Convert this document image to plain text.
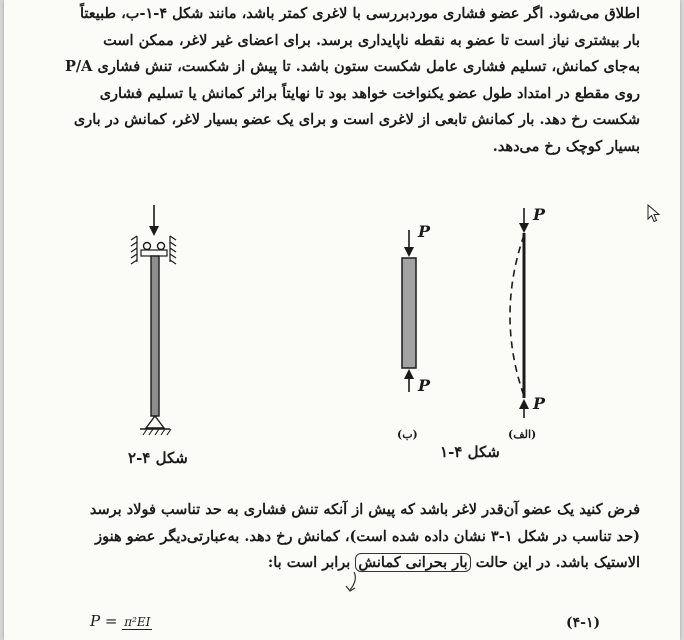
اطلاق می‌شود. اگر عضو فشاری موردبررسی با لاغری کمتر باشد، مانند شکل ۴-۱-ب، طبیعتاً
بار بیشتری نیاز است تا عضو به نقطه ناپایداری برسد. برای اعضای غیر لاغر، ممکن است
به‌جای کمانش، تسلیم فشاری عامل شکست ستون باشد. تا پیش از شکست، تنش فشاری P/A
روی مقطع در امتداد طول عضو یکنواخت خواهد بود تا نهایتاً براثر کمانش یا تسلیم فشاری
شکست رخ دهد. بار کمانش تابعی از لاغری است و برای یک عضو بسیار لاغر، کمانش در باری
بسیار کوچک رخ می‌دهد.
P
P
P
P
(ب)	(الف)
شکل ۴-۲	شکل ۴-۱
فرض کنید یک عضو آن‌قدر لاغر باشد که پیش از آنکه تنش فشاری به حد تناسب فولاد برسد
(حد تناسب در شکل ۱-۳ نشان داده شده است)، کمانش رخ دهد. به‌عبارتی‌دیگر عضو هنوز
الاستیک باشد. در این حالت بار بحرانی کمانش برابر است با:
P = π²EI	(۴-۱)
